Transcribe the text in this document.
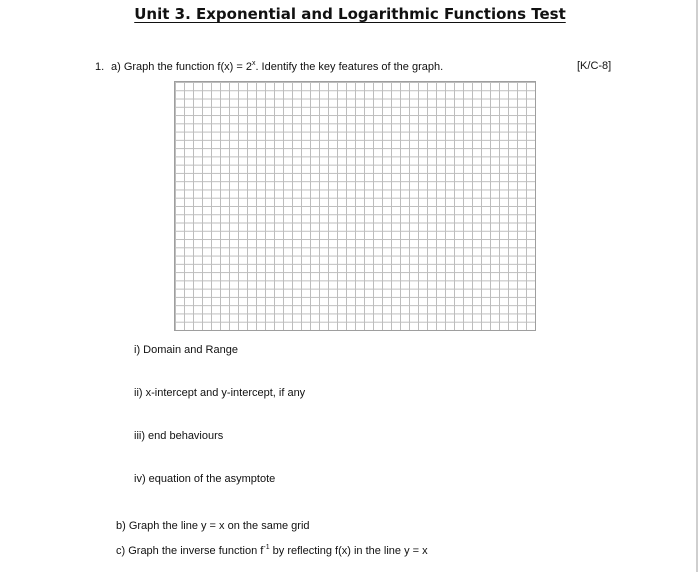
Unit 3. Exponential and Logarithmic Functions Test
1. a) Graph the function $f(x) = 2^x$. Identify the key features of the graph.	[K/C-8]
i) Domain and Range
ii) x-intercept and y-intercept, if any
iii) end behaviours
iv) equation of the asymptote
b) Graph the line y = x on the same grid
c) Graph the inverse function $f^{-1}$ by reflecting f(x) in the line y = x
